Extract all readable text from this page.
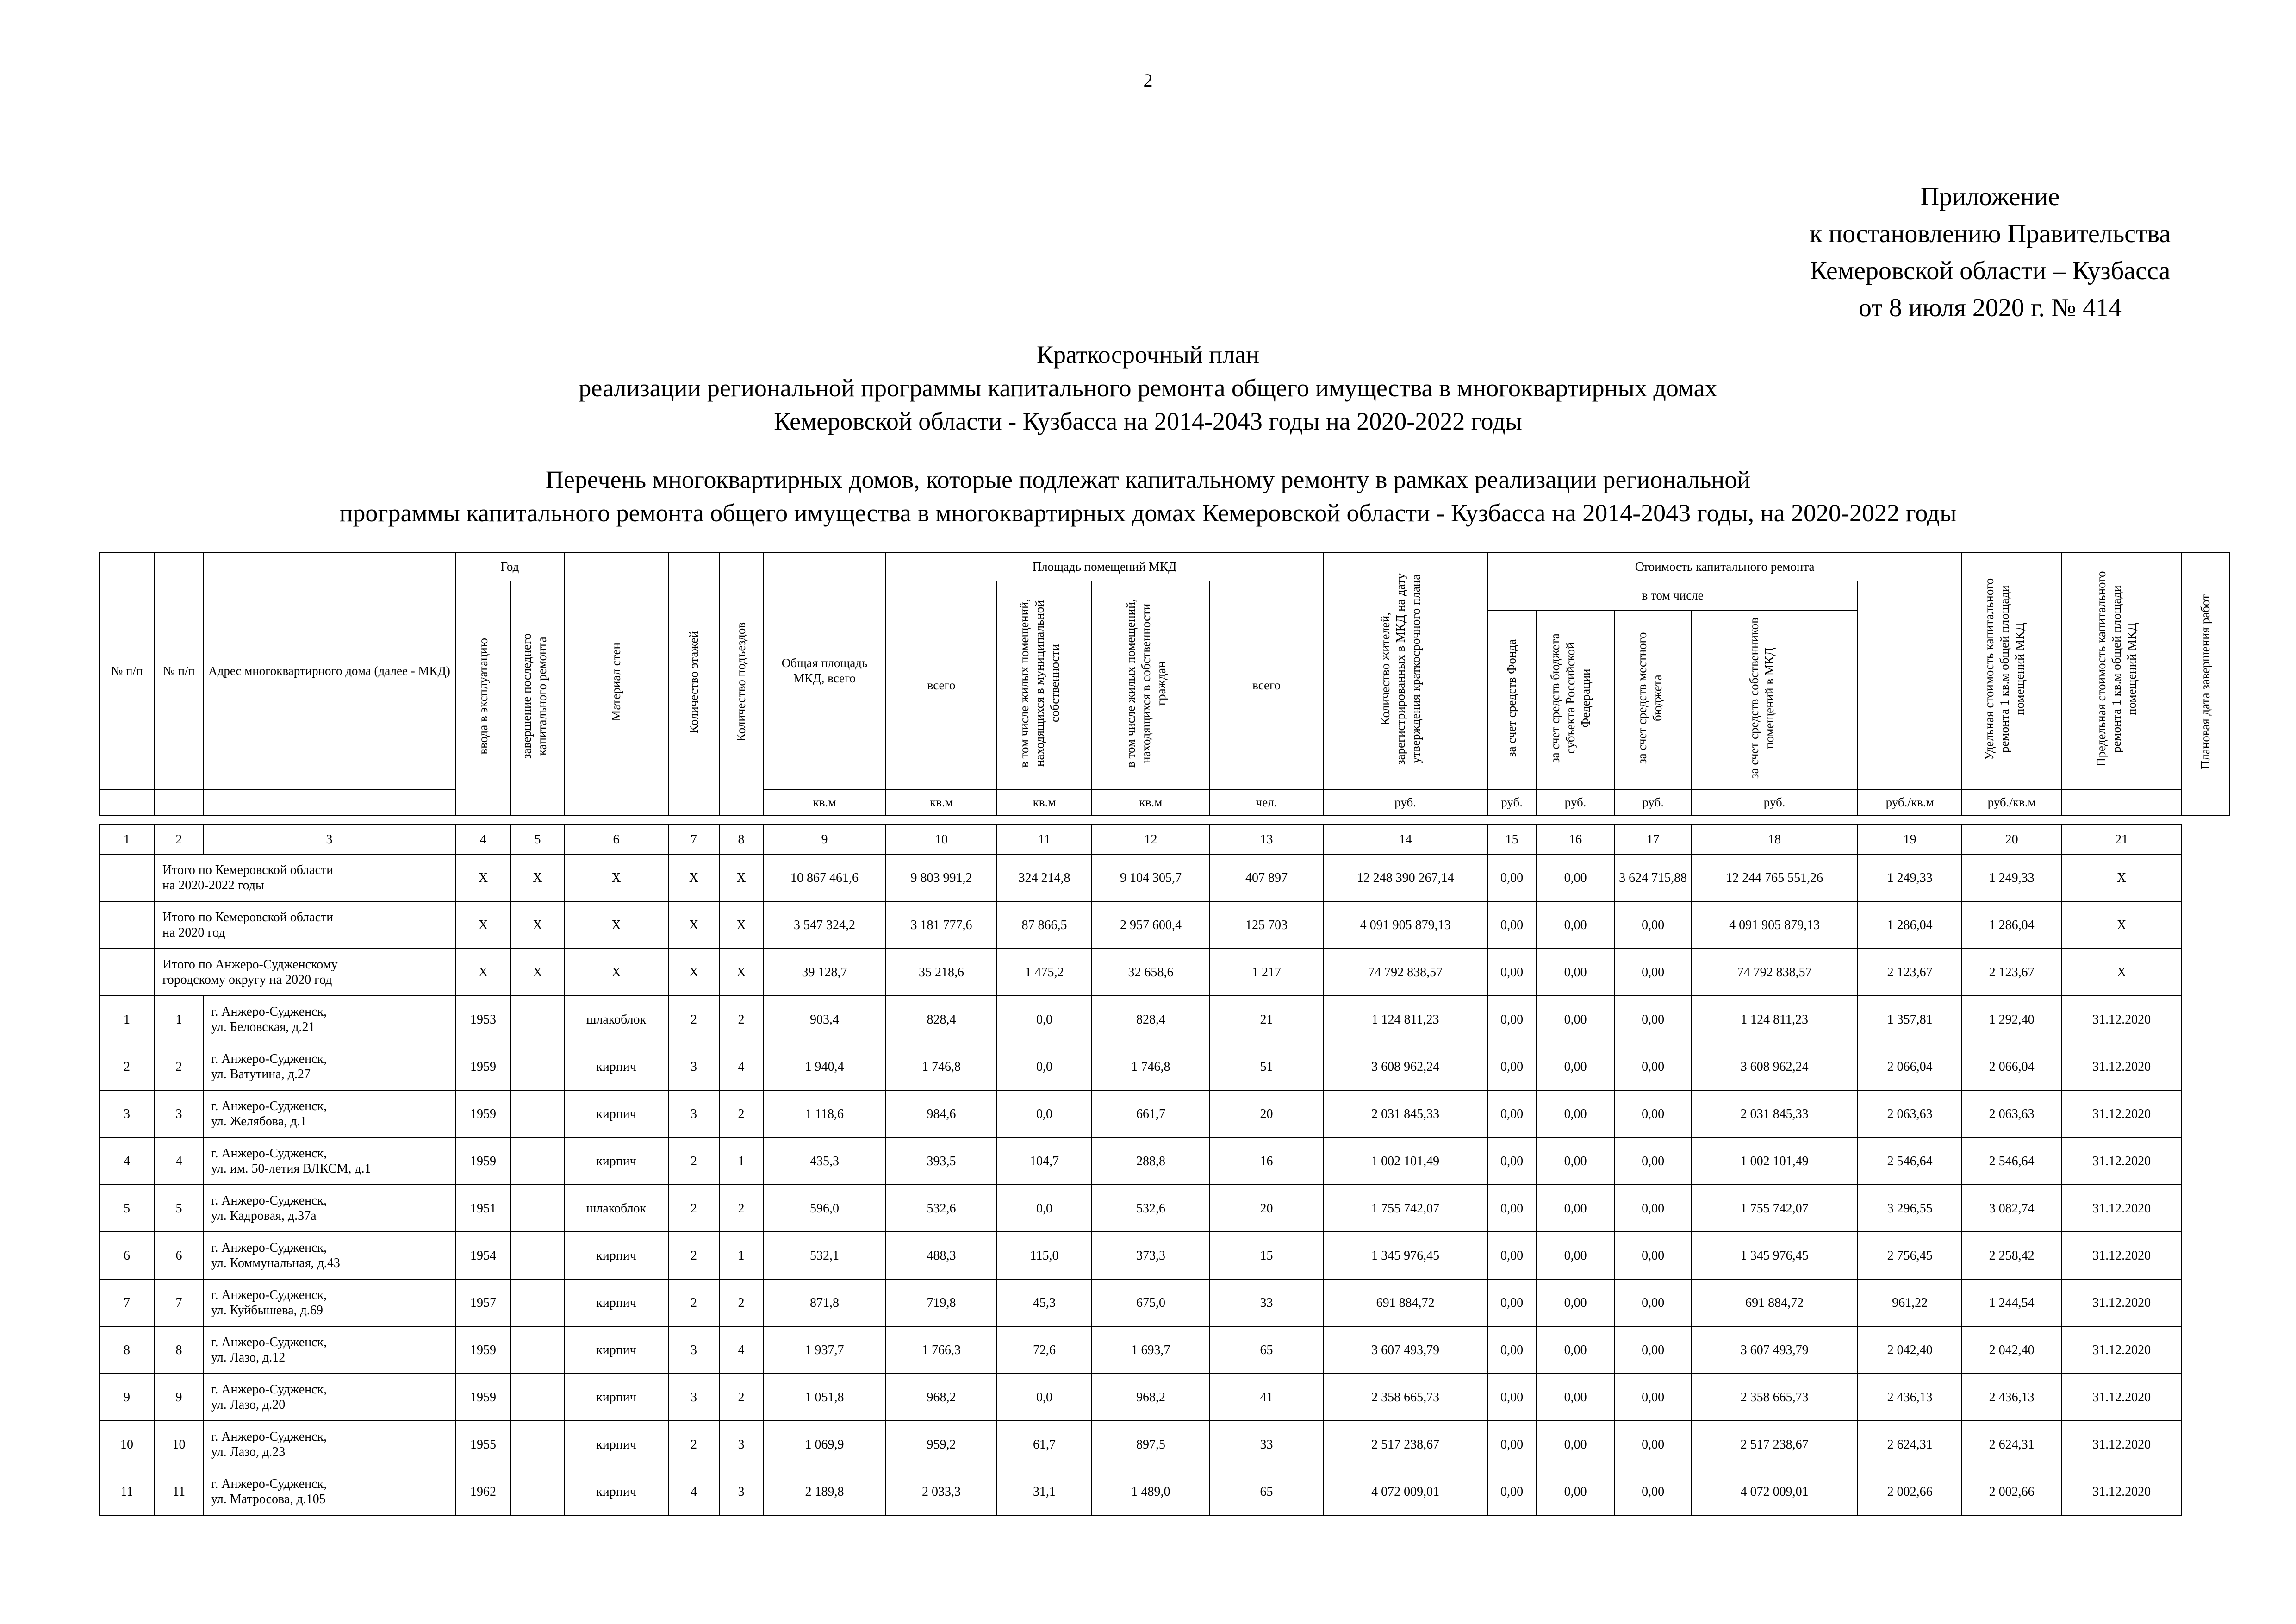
2
Приложение
к постановлению Правительства
Кемеровской области – Кузбасса
от 8 июля 2020 г. № 414
Краткосрочный план
реализации региональной программы капитального ремонта общего имущества в многоквартирных домах
Кемеровской области - Кузбасса на 2014-2043 годы на 2020-2022 годы
Перечень многоквартирных домов, которые подлежат капитальному ремонту в рамках реализации региональной
программы капитального ремонта общего имущества в многоквартирных домах Кемеровской области - Кузбасса на 2014-2043 годы, на 2020-2022 годы
№ п/п	№ п/п	Адрес многоквартирного дома (далее - МКД)	Год		Материал стен	Количество этажей	Количество подъездов	Общая площадь МКД, всего	Площадь помещений МКД				Количество жителей, зарегистрированных в МКД на дату утверждения краткосрочного плана	Стоимость капитального ремонта					Удельная стоимость капитального ремонта 1 кв.м общей площади помещений МКД	Предельная стоимость капитального ремонта 1 кв.м общей площади помещений МКД	Плановая дата завершения работ
			ввода в эксплуатацию	завершение последнего капитального ремонта					всего	в том числе жилых помещений, находящихся в муниципальной собственности	в том числе жилых помещений, находящихся в собственности граждан	всего		в том числе							
														за счет средств Фонда	за счет средств бюджета субъекта Российской Федерации	за счет средств местного бюджета	за счет средств собственников помещений в МКД				
								кв.м	кв.м	кв.м	кв.м	чел.	руб.	руб.	руб.	руб.	руб.	руб./кв.м	руб./кв.м		

1	2	3	4	5	6	7	8	9	10	11	12	13	14	15	16	17	18	19	20	21	

	Итого по Кемеровской области
на 2020-2022 годы		X	X	X	X	X	10 867 461,6	9 803 991,2	324 214,8	9 104 305,7	407 897	12 248 390 267,14	0,00	0,00	3 624 715,88	12 244 765 551,26	1 249,33	1 249,33	X	

	Итого по Кемеровской области
на 2020 год		X	X	X	X	X	3 547 324,2	3 181 777,6	87 866,5	2 957 600,4	125 703	4 091 905 879,13	0,00	0,00	0,00	4 091 905 879,13	1 286,04	1 286,04	X	

	Итого по Анжеро-Судженскому
городскому округу на 2020 год		X	X	X	X	X	39 128,7	35 218,6	1 475,2	32 658,6	1 217	74 792 838,57	0,00	0,00	0,00	74 792 838,57	2 123,67	2 123,67	X	
1	1	г. Анжеро-Судженск,
ул. Беловская, д.21	1953		шлакоблок	2	2	903,4	828,4	0,0	828,4	21	1 124 811,23	0,00	0,00	0,00	1 124 811,23	1 357,81	1 292,40	31.12.2020	
2	2	г. Анжеро-Судженск,
ул. Ватутина, д.27	1959		кирпич	3	4	1 940,4	1 746,8	0,0	1 746,8	51	3 608 962,24	0,00	0,00	0,00	3 608 962,24	2 066,04	2 066,04	31.12.2020	
3	3	г. Анжеро-Судженск,
ул. Желябова, д.1	1959		кирпич	3	2	1 118,6	984,6	0,0	661,7	20	2 031 845,33	0,00	0,00	0,00	2 031 845,33	2 063,63	2 063,63	31.12.2020	
4	4	г. Анжеро-Судженск,
ул. им. 50-летия ВЛКСМ, д.1	1959		кирпич	2	1	435,3	393,5	104,7	288,8	16	1 002 101,49	0,00	0,00	0,00	1 002 101,49	2 546,64	2 546,64	31.12.2020	
5	5	г. Анжеро-Судженск,
ул. Кадровая, д.37а	1951		шлакоблок	2	2	596,0	532,6	0,0	532,6	20	1 755 742,07	0,00	0,00	0,00	1 755 742,07	3 296,55	3 082,74	31.12.2020	
6	6	г. Анжеро-Судженск,
ул. Коммунальная, д.43	1954		кирпич	2	1	532,1	488,3	115,0	373,3	15	1 345 976,45	0,00	0,00	0,00	1 345 976,45	2 756,45	2 258,42	31.12.2020	
7	7	г. Анжеро-Судженск,
ул. Куйбышева, д.69	1957		кирпич	2	2	871,8	719,8	45,3	675,0	33	691 884,72	0,00	0,00	0,00	691 884,72	961,22	1 244,54	31.12.2020	
8	8	г. Анжеро-Судженск,
ул. Лазо, д.12	1959		кирпич	3	4	1 937,7	1 766,3	72,6	1 693,7	65	3 607 493,79	0,00	0,00	0,00	3 607 493,79	2 042,40	2 042,40	31.12.2020	
9	9	г. Анжеро-Судженск,
ул. Лазо, д.20	1959		кирпич	3	2	1 051,8	968,2	0,0	968,2	41	2 358 665,73	0,00	0,00	0,00	2 358 665,73	2 436,13	2 436,13	31.12.2020	
10	10	г. Анжеро-Судженск,
ул. Лазо, д.23	1955		кирпич	2	3	1 069,9	959,2	61,7	897,5	33	2 517 238,67	0,00	0,00	0,00	2 517 238,67	2 624,31	2 624,31	31.12.2020	
11	11	г. Анжеро-Судженск,
ул. Матросова, д.105	1962		кирпич	4	3	2 189,8	2 033,3	31,1	1 489,0	65	4 072 009,01	0,00	0,00	0,00	4 072 009,01	2 002,66	2 002,66	31.12.2020	
